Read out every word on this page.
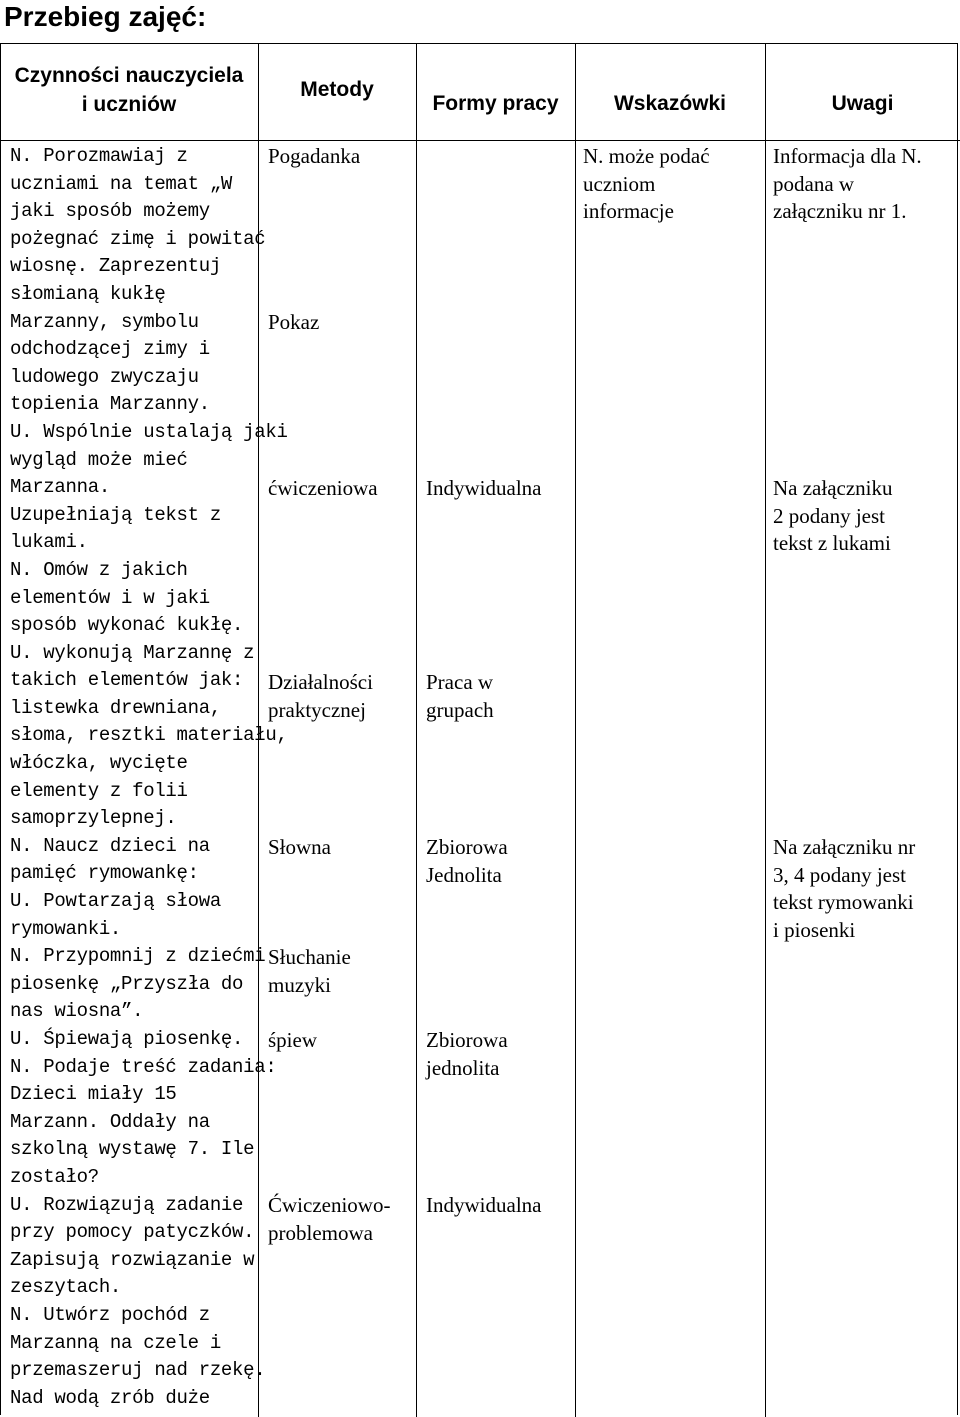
Przebieg zajęć:
Czynności nauczyciela
i uczniów
Metody
Formy pracy	Wskazówki	Uwagi
N. Porozmawiaj z
uczniami na temat „W
jaki sposób możemy
pożegnać zimę i powitać
wiosnę. Zaprezentuj
słomianą kukłę
Marzanny, symbolu
odchodzącej zimy i
ludowego zwyczaju
topienia Marzanny.
U. Wspólnie ustalają jaki
wygląd może mieć
Marzanna.
Uzupełniają tekst z
lukami.
N. Omów z jakich
elementów i w jaki
sposób wykonać kukłę.
U. wykonują Marzannę z
takich elementów jak:
listewka drewniana,
słoma, resztki materiału,
włóczka, wycięte
elementy z folii
samoprzylepnej.
N. Naucz dzieci na
pamięć rymowankę:
U. Powtarzają słowa
rymowanki.
N. Przypomnij z dziećmi
piosenkę „Przyszła do
nas wiosna”.
U. Śpiewają piosenkę.
N. Podaje treść zadania:
Dzieci miały 15
Marzann. Oddały na
szkolną wystawę 7. Ile
zostało?
U. Rozwiązują zadanie
przy pomocy patyczków.
Zapisują rozwiązanie w
zeszytach.
N. Utwórz pochód z
Marzanną na czele i
przemaszeruj nad rzekę.
Nad wodą zrób duże
Pogadanka
Pokaz
ćwiczeniowa
Działalności
praktycznej
Słowna
Słuchanie
muzyki
śpiew
Ćwiczeniowo-
problemowa
Indywidualna
Praca w
grupach
Zbiorowa
Jednolita
Zbiorowa
jednolita
Indywidualna
N. może podać
uczniom
informacje
Informacja dla N.
podana w
załączniku nr 1.
Na załączniku
2 podany jest
tekst z lukami
Na załączniku nr
3, 4 podany jest
tekst rymowanki
i piosenki
